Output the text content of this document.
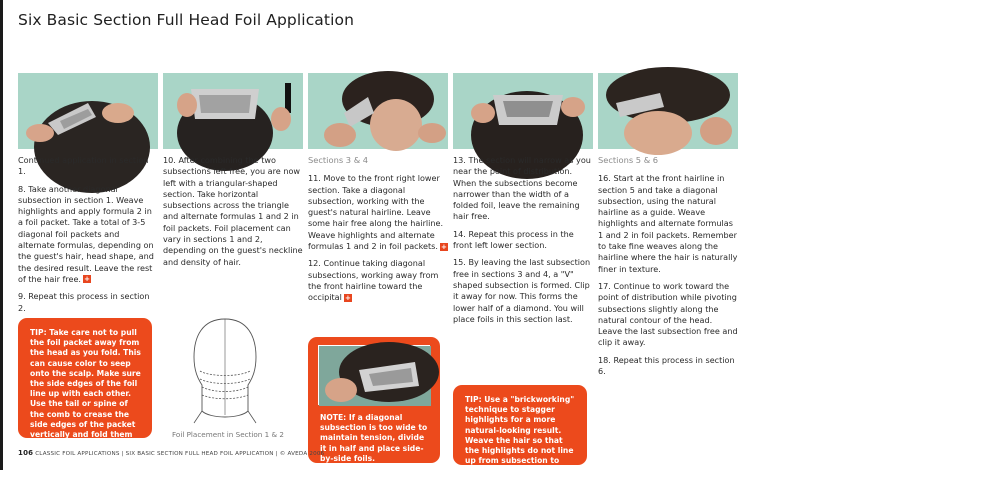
Six Basic Section Full Head Foil Application

Continued application in section 1.

8. Take another diagonal subsection in section 1. Weave highlights and apply formula 2 in a foil packet. Take a total of 3-5 diagonal foil packets and alternate formulas, depending on the guest's hair, head shape, and the desired result. Leave the rest of the hair free. +

9. Repeat this process in section 2.

10. After combining the two subsections left free, you are now left with a triangular-shaped section. Take horizontal subsections across the triangle and alternate formulas 1 and 2 in foil packets. Foil placement can vary in sections 1 and 2, depending on the guest's neckline and density of hair.

Sections 3 & 4

11. Move to the front right lower section. Take a diagonal subsection, working with the guest's natural hairline. Leave some hair free along the hairline. Weave highlights and alternate formulas 1 and 2 in foil packets. +

12. Continue taking diagonal subsections, working away from the front hairline toward the occipital +

13. The section will narrow as you near the point of distribution. When the subsections become narrower than the width of a folded foil, leave the remaining hair free.

14. Repeat this process in the front left lower section.

15. By leaving the last subsection free in sections 3 and 4, a "V" shaped subsection is formed. Clip it away for now. This forms the lower half of a diamond. You will place foils in this section last.

Sections 5 & 6

16. Start at the front hairline in section 5 and take a diagonal subsection, using the natural hairline as a guide. Weave highlights and alternate formulas 1 and 2 in foil packets. Remember to take fine weaves along the hairline where the hair is naturally finer in texture.

17. Continue to work toward the point of distribution while pivoting subsections slightly along the natural contour of the head. Leave the last subsection free and clip it away.

18. Repeat this process in section 6.

TIP: Take care not to pull the foil packet away from the head as you fold. This can cause color to seep onto the scalp. Make sure the side edges of the foil line up with each other. Use the tail or spine of the comb to crease the side edges of the packet vertically and fold them inward.
Foil Placement in Section 1 & 2
NOTE: If a diagonal subsection is too wide to maintain tension, divide it in half and place side-by-side foils.
TIP: Use a "brickworking" technique to stagger highlights for a more natural-looking result. Weave the hair so that the highlights do not line up from subsection to subsection.
106 CLASSIC FOIL APPLICATIONS | SIX BASIC SECTION FULL HEAD FOIL APPLICATION | © AVEDA 2006
